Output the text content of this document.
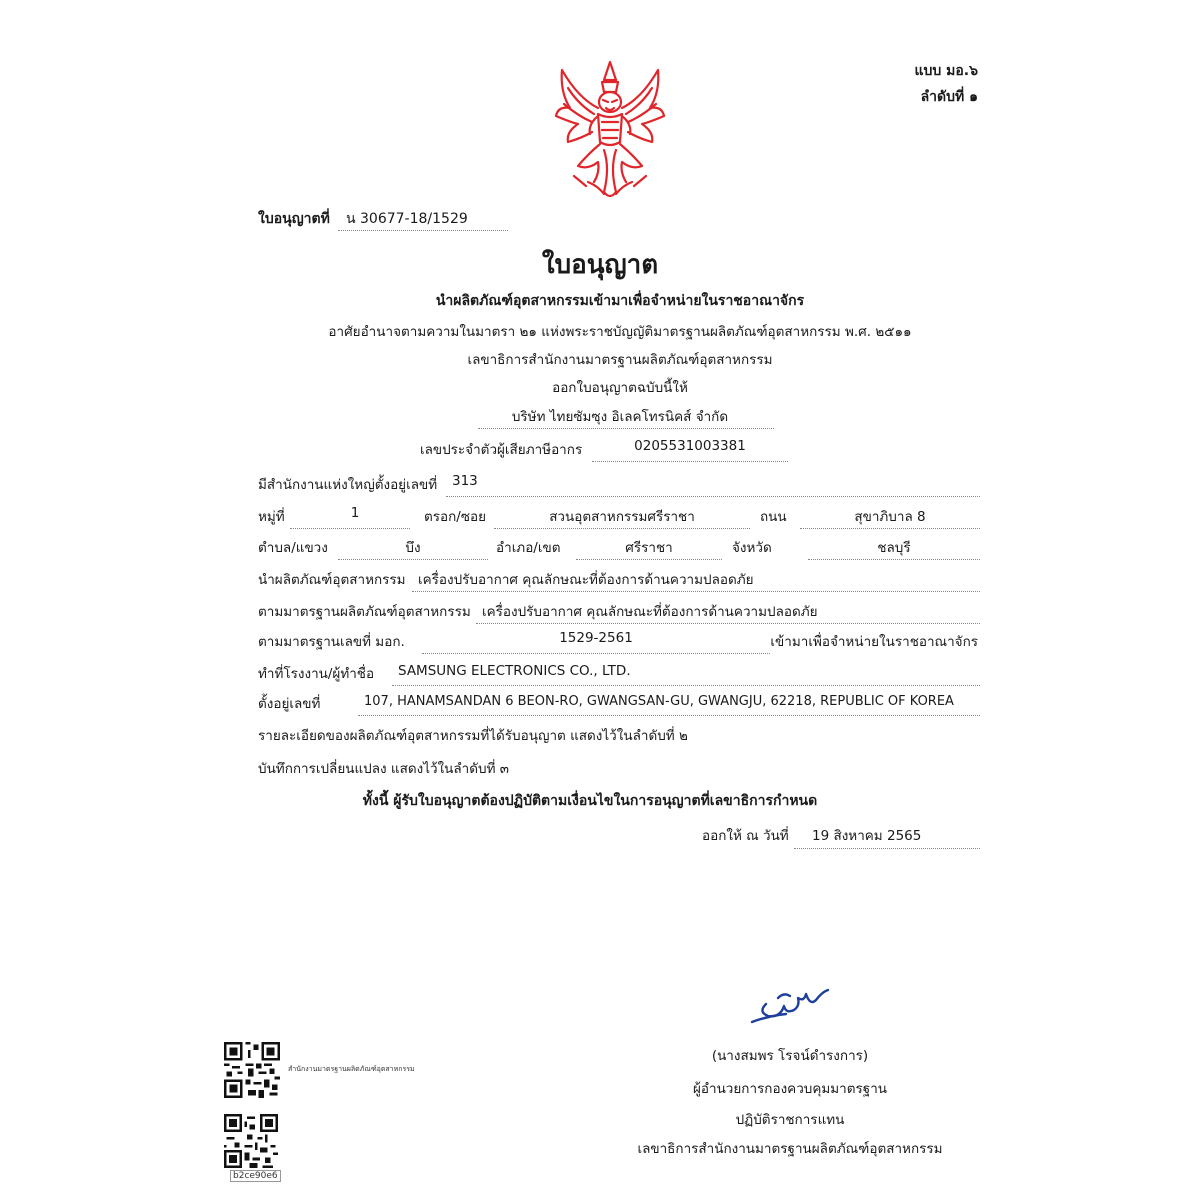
แบบ มอ.๖
ลำดับที่ ๑
ใบอนุญาตที่ น 30677-18/1529
ใบอนุญาต
นำผลิตภัณฑ์อุตสาหกรรมเข้ามาเพื่อจำหน่ายในราชอาณาจักร
อาศัยอำนาจตามความในมาตรา ๒๑ แห่งพระราชบัญญัติมาตรฐานผลิตภัณฑ์อุตสาหกรรม พ.ศ. ๒๕๑๑
เลขาธิการสำนักงานมาตรฐานผลิตภัณฑ์อุตสาหกรรม
ออกใบอนุญาตฉบับนี้ให้
บริษัท ไทยซัมซุง อิเลคโทรนิคส์ จำกัด
เลขประจำตัวผู้เสียภาษีอากร	0205531003381
มีสำนักงานแห่งใหญ่ตั้งอยู่เลขที่ 313
หมู่ที่	1	ตรอก/ซอย	สวนอุตสาหกรรมศรีราชา	ถนน	สุขาภิบาล 8
ตำบล/แขวง	บึง	อำเภอ/เขต	ศรีราชา	จังหวัด	ชลบุรี
นำผลิตภัณฑ์อุตสาหกรรม เครื่องปรับอากาศ คุณลักษณะที่ต้องการด้านความปลอดภัย
ตามมาตรฐานผลิตภัณฑ์อุตสาหกรรม เครื่องปรับอากาศ คุณลักษณะที่ต้องการด้านความปลอดภัย
ตามมาตรฐานเลขที่ มอก.	1529-2561	เข้ามาเพื่อจำหน่ายในราชอาณาจักร
ทำที่โรงงาน/ผู้ทำชื่อ SAMSUNG ELECTRONICS CO., LTD.
ตั้งอยู่เลขที่	107, HANAMSANDAN 6 BEON-RO, GWANGSAN-GU, GWANGJU, 62218, REPUBLIC OF KOREA
รายละเอียดของผลิตภัณฑ์อุตสาหกรรมที่ได้รับอนุญาต แสดงไว้ในลำดับที่ ๒
บันทึกการเปลี่ยนแปลง แสดงไว้ในลำดับที่ ๓
ทั้งนี้ ผู้รับใบอนุญาตต้องปฏิบัติตามเงื่อนไขในการอนุญาตที่เลขาธิการกำหนด
ออกให้ ณ วันที่ 19 สิงหาคม 2565
(นางสมพร โรจน์ดำรงการ)
ผู้อำนวยการกองควบคุมมาตรฐาน
ปฏิบัติราชการแทน
เลขาธิการสำนักงานมาตรฐานผลิตภัณฑ์อุตสาหกรรม
สำนักงานมาตรฐานผลิตภัณฑ์อุตสาหกรรม
b2ce90e6
